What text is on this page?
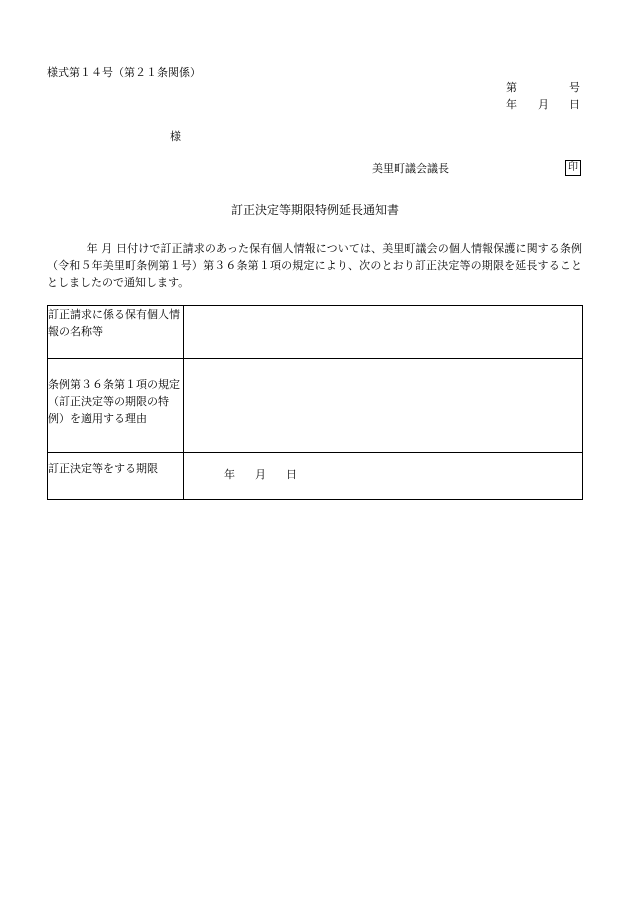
様式第１４号（第２１条関係）
第	号
年 月 日
様
美里町議会議長	印
訂正決定等期限特例延長通知書
年 月 日付けで訂正請求のあった保有個人情報については、美里町議会の個人情報保護に関する条例（令和５年美里町条例第１号）第３６条第１項の規定により、次のとおり訂正決定等の期限を延長することとしましたので通知します。
訂正請求に係る保有個人情報の名称等	
条例第３６条第１項の規定（訂正決定等の期限の特例）を適用する理由	
訂正決定等をする期限	年 月 日
